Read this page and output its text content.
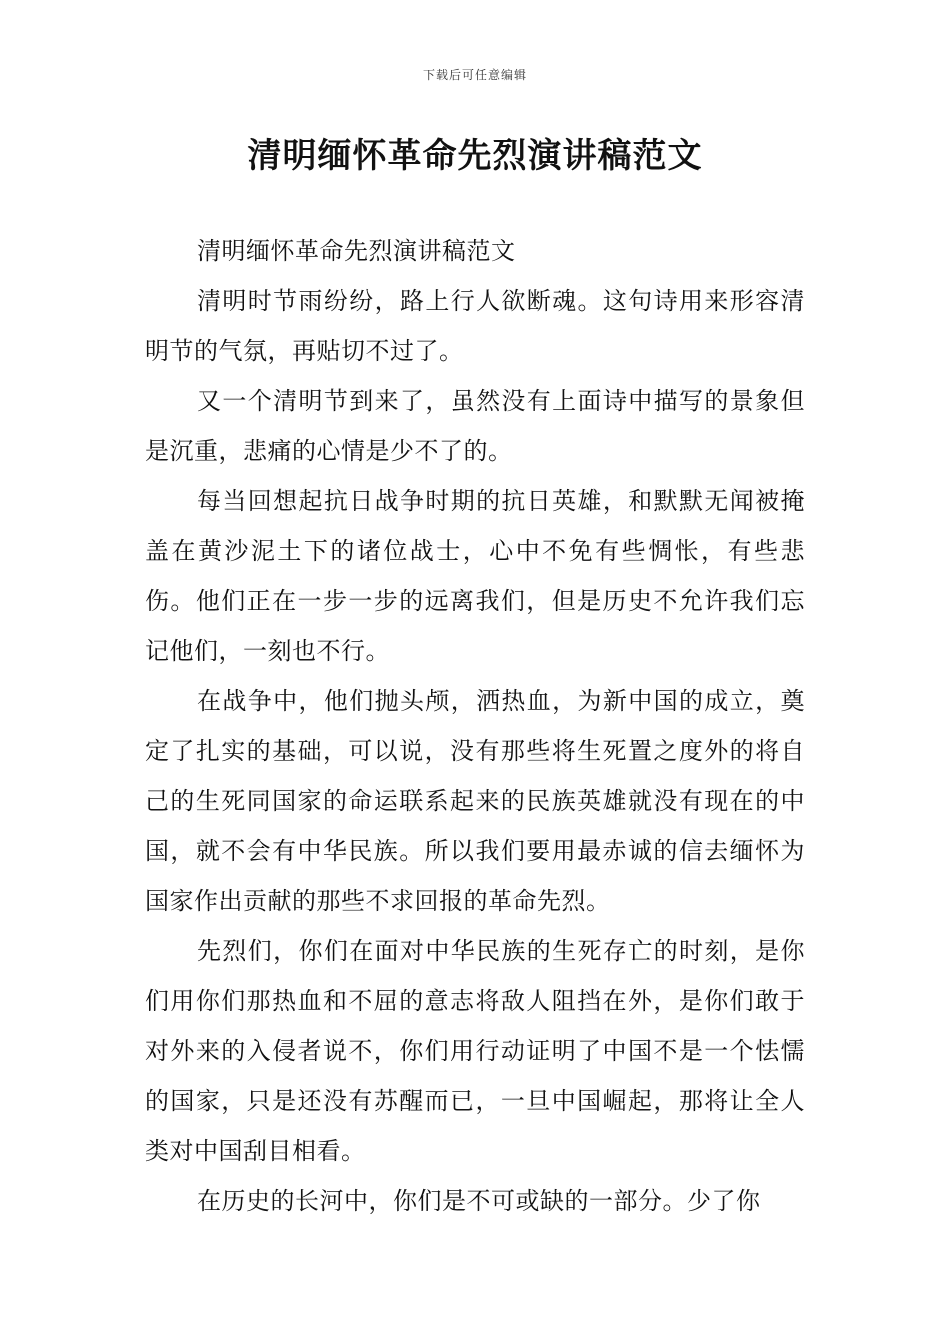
下载后可任意编辑
清明缅怀革命先烈演讲稿范文

清明缅怀革命先烈演讲稿范文

清明时节雨纷纷，路上行人欲断魂。这句诗用来形容清明节的气氛，再贴切不过了。

又一个清明节到来了，虽然没有上面诗中描写的景象但是沉重，悲痛的心情是少不了的。

每当回想起抗日战争时期的抗日英雄，和默默无闻被掩盖在黄沙泥土下的诸位战士，心中不免有些惆怅，有些悲伤。他们正在一步一步的远离我们，但是历史不允许我们忘记他们，一刻也不行。

在战争中，他们抛头颅，洒热血，为新中国的成立，奠定了扎实的基础，可以说，没有那些将生死置之度外的将自己的生死同国家的命运联系起来的民族英雄就没有现在的中国，就不会有中华民族。所以我们要用最赤诚的信去缅怀为国家作出贡献的那些不求回报的革命先烈。

先烈们，你们在面对中华民族的生死存亡的时刻，是你们用你们那热血和不屈的意志将敌人阻挡在外，是你们敢于对外来的入侵者说不，你们用行动证明了中国不是一个怯懦的国家，只是还没有苏醒而已，一旦中国崛起，那将让全人类对中国刮目相看。

在历史的长河中，你们是不可或缺的一部分。少了你
